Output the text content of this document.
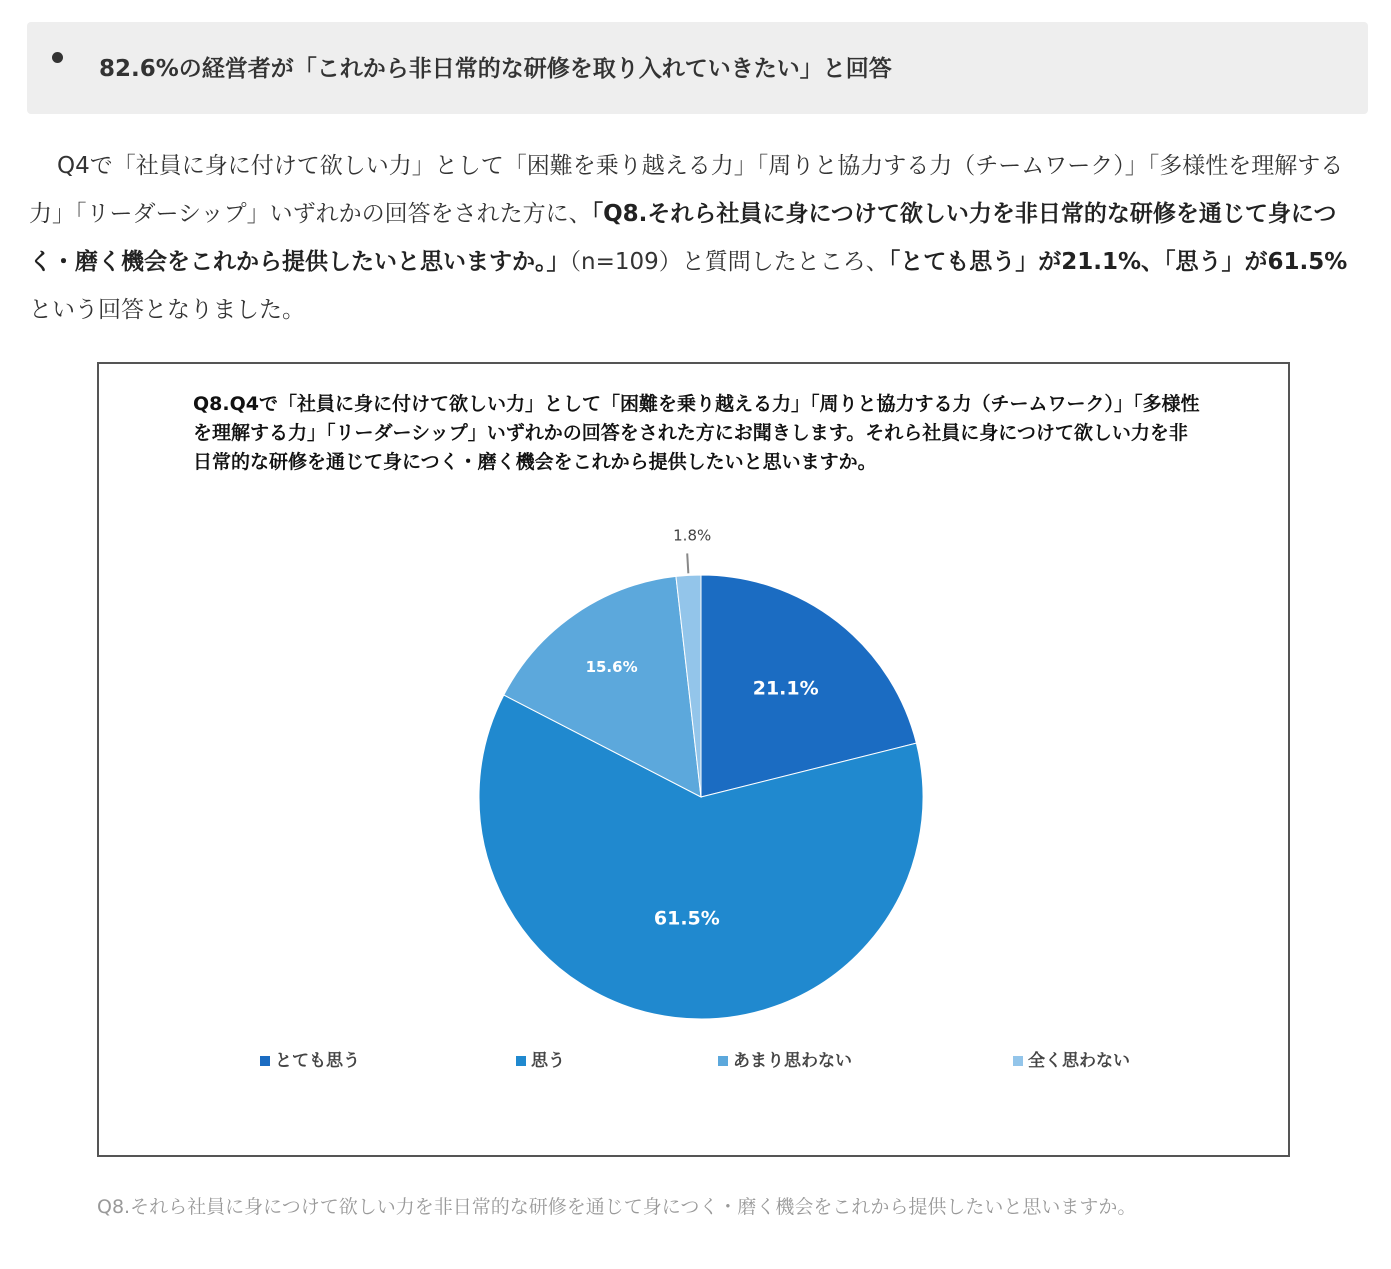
82.6%の経営者が「これから非日常的な研修を取り入れていきたい」と回答
Q4で「社員に身に付けて欲しい力」として「困難を乗り越える力」「周りと協力する力（チームワーク）」「多様性を理解する力」「リーダーシップ」いずれかの回答をされた方に、「Q8.それら社員に身につけて欲しい力を非日常的な研修を通じて身につく・磨く機会をこれから提供したいと思いますか。」（n=109）と質問したところ、「とても思う」が21.1%、「思う」が61.5%という回答となりました。
Q8.Q4で「社員に身に付けて欲しい力」として「困難を乗り越える力」「周りと協力する力（チームワーク）」「多様性を理解する力」「リーダーシップ」いずれかの回答をされた方にお聞きします。それら社員に身につけて欲しい力を非日常的な研修を通じて身につく・磨く機会をこれから提供したいと思いますか。
21.1%
61.5%
15.6%
1.8%
とても思う	思う	あまり思わない	全く思わない
Q8.それら社員に身につけて欲しい力を非日常的な研修を通じて身につく・磨く機会をこれから提供したいと思いますか。
